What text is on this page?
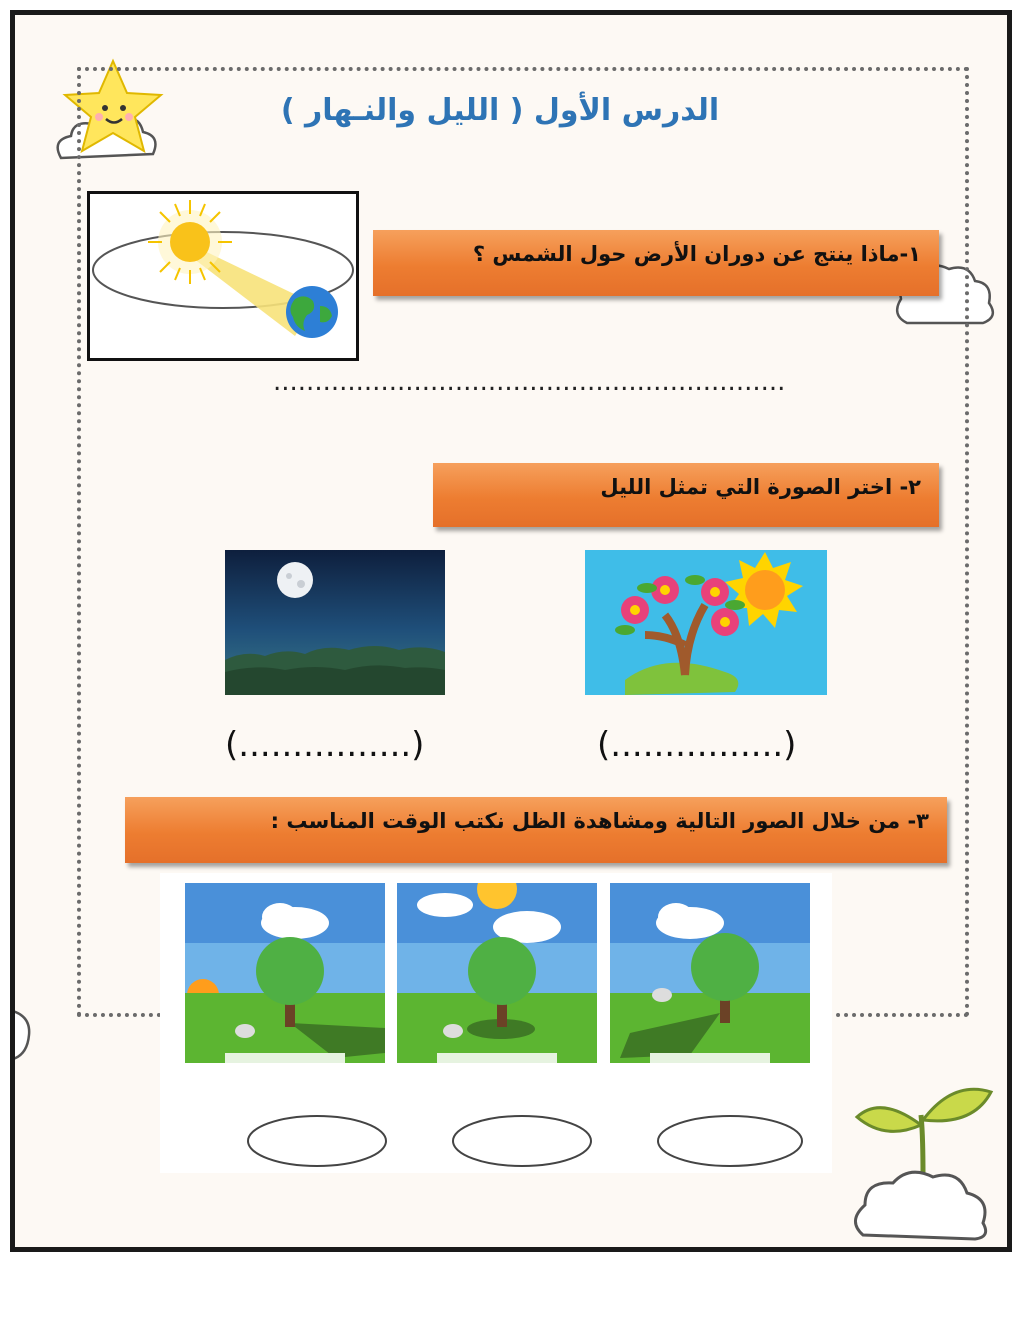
الدرس الأول ( الليل والنـهار )
١-ماذا ينتج عن دوران الأرض حول الشمس ؟
..............................................................
٢- اختر الصورة التي تمثل الليل
(................)	(................)
٣- من خلال الصور التالية ومشاهدة الظل نكتب الوقت المناسب :
